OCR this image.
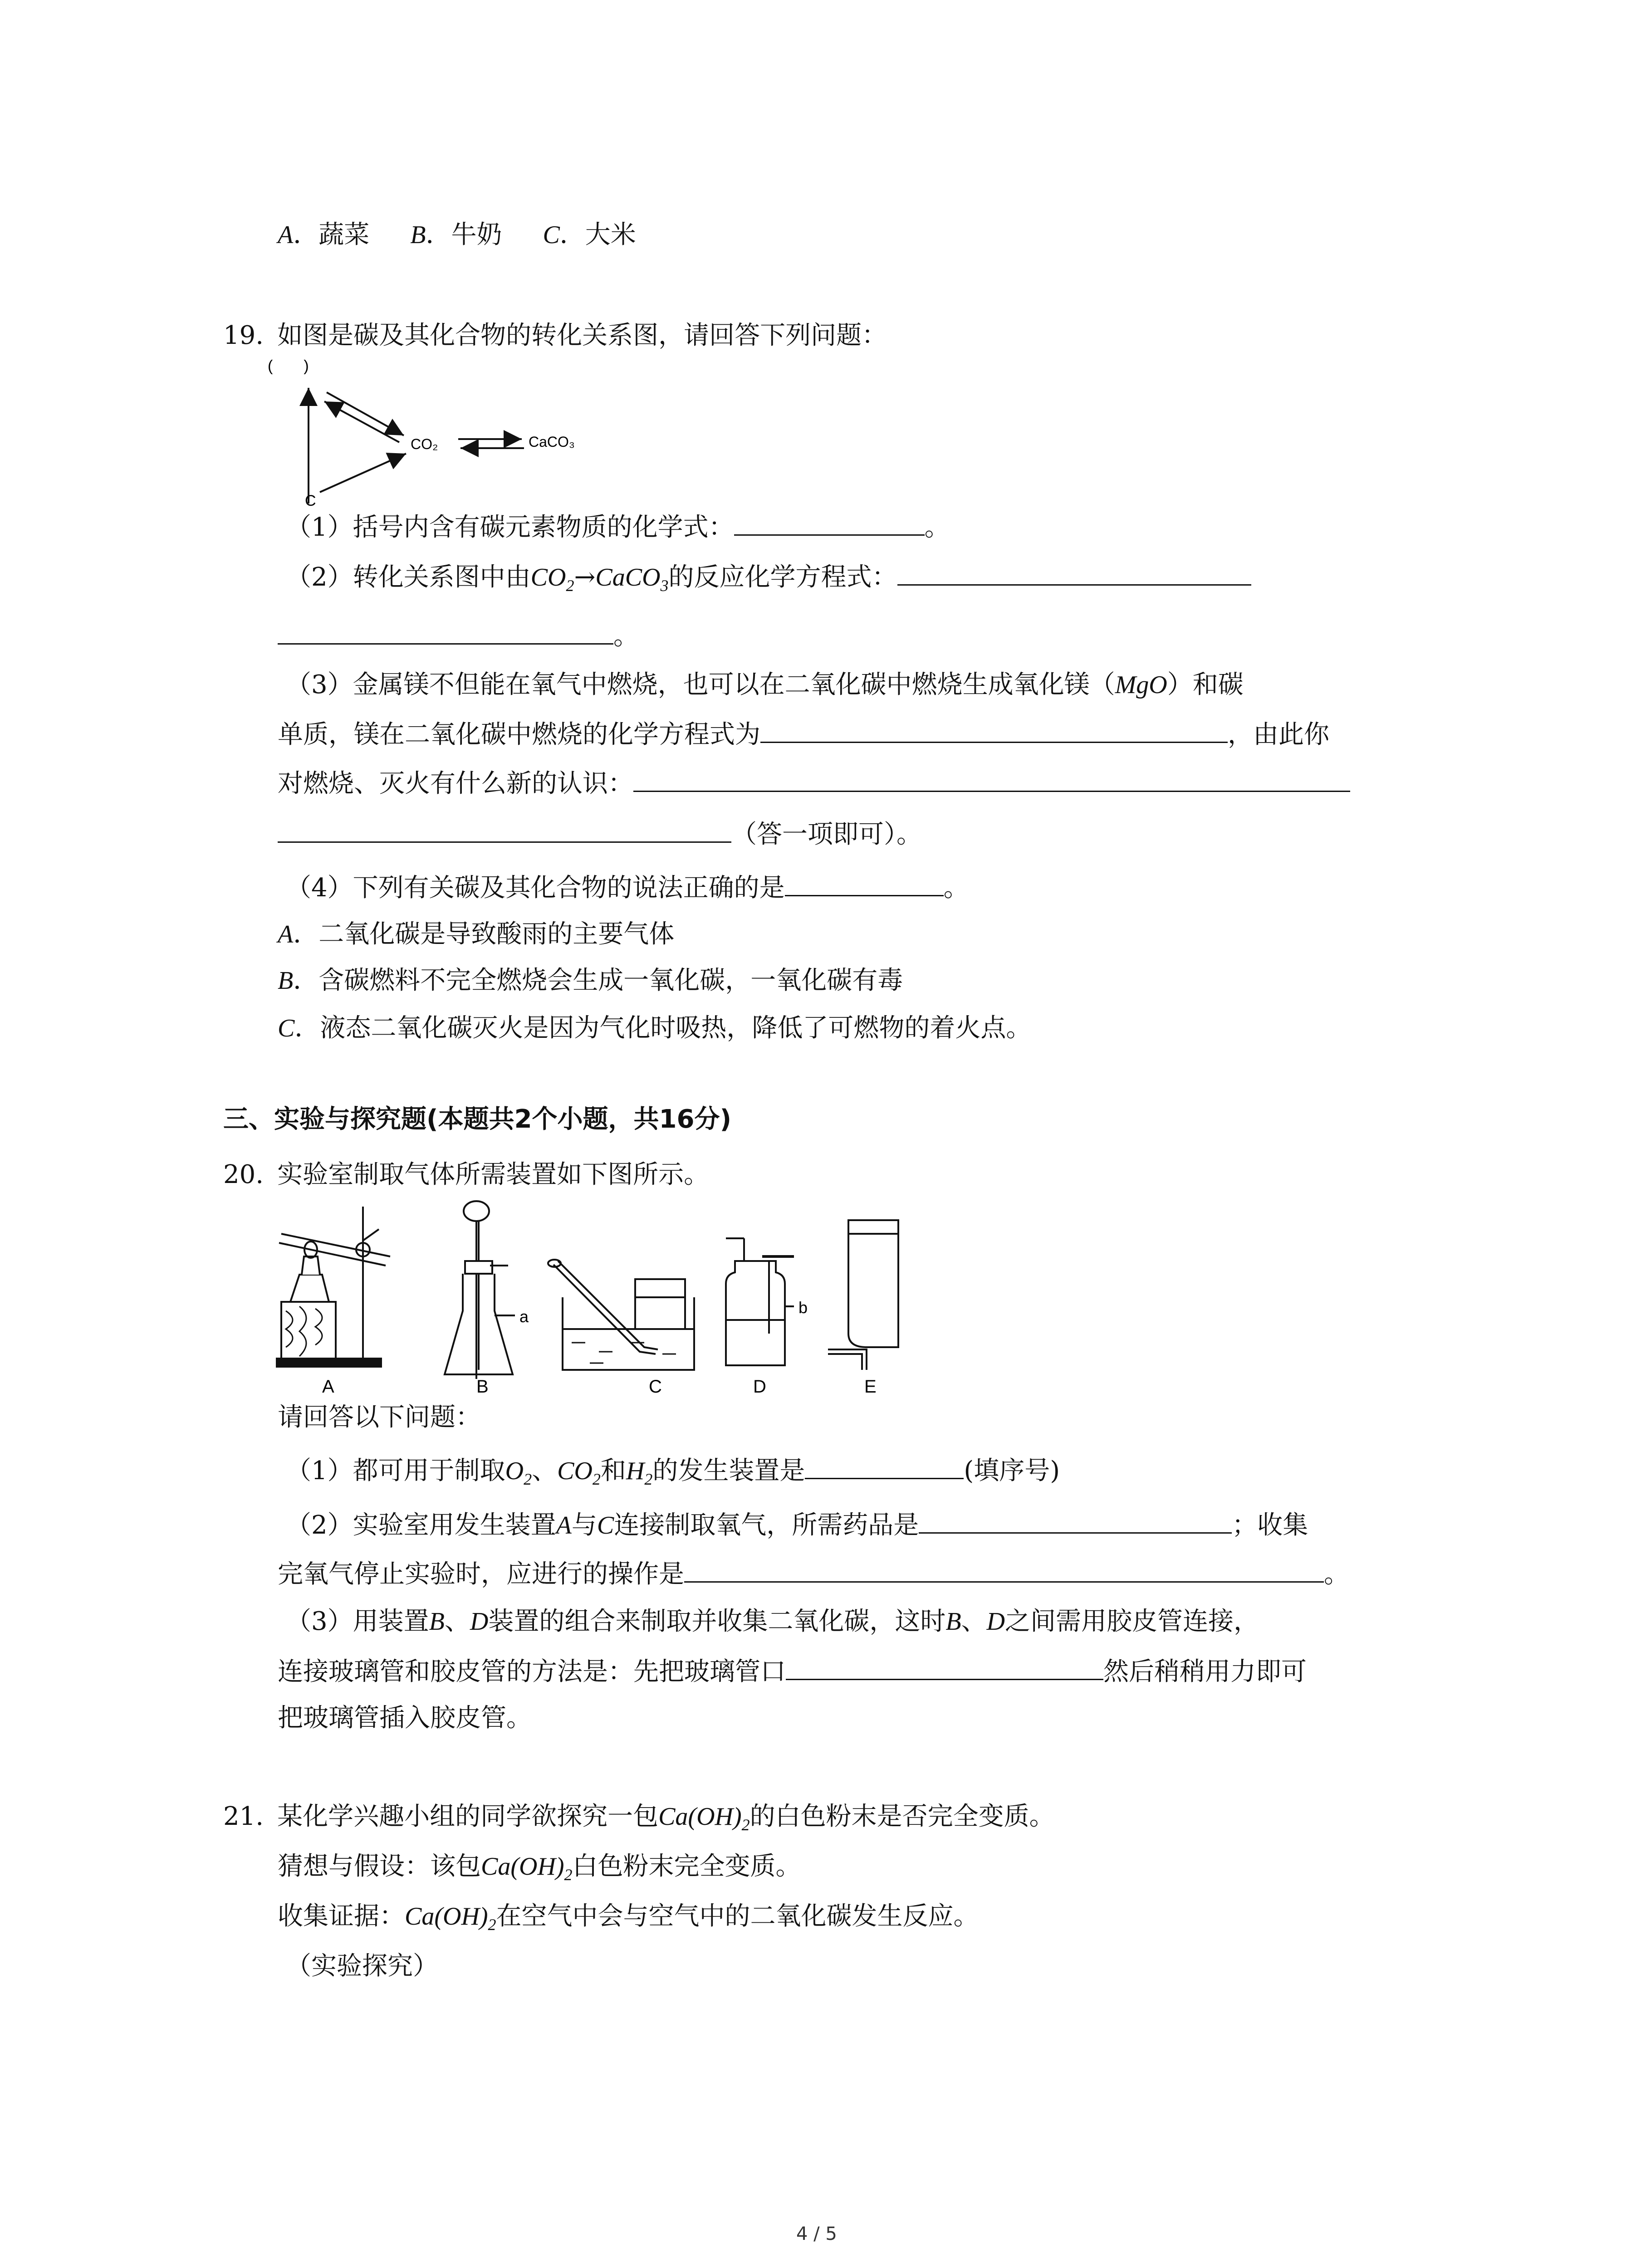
A．蔬菜 B．牛奶 C．大米
19. 如图是碳及其化合物的转化关系图，请回答下列问题：
(　　)
CO₂	CaCO₃
C
（1）括号内含有碳元素物质的化学式：	。
（2）转化关系图中由$CO_2\to CaCO_3$的反应化学方程式：
。
（3）金属镁不但能在氧气中燃烧，也可以在二氧化碳中燃烧生成氧化镁（MgO）和碳
单质，镁在二氧化碳中燃烧的化学方程式为	，由此你
对燃烧、灭火有什么新的认识：
（答一项即可）。
（4）下列有关碳及其化合物的说法正确的是	。
A．二氧化碳是导致酸雨的主要气体
B．含碳燃料不完全燃烧会生成一氧化碳，一氧化碳有毒
C．液态二氧化碳灭火是因为气化时吸热，降低了可燃物的着火点。
三、实验与探究题(本题共2个小题，共16分)
20. 实验室制取气体所需装置如下图所示。
A
a
B	C
b
D	E
请回答以下问题：
（1）都可用于制取$O_2$、$CO_2$和$H_2$的发生装置是	(填序号)
（2）实验室用发生装置A与C连接制取氧气，所需药品是	；收集
完氧气停止实验时，应进行的操作是	。
（3）用装置B、D装置的组合来制取并收集二氧化碳，这时B、D之间需用胶皮管连接，
连接玻璃管和胶皮管的方法是：先把玻璃管口	然后稍稍用力即可
把玻璃管插入胶皮管。
21. 某化学兴趣小组的同学欲探究一包$Ca(OH)_2$的白色粉末是否完全变质。
猜想与假设：该包$Ca(OH)_2$白色粉末完全变质。
收集证据：$Ca(OH)_2$在空气中会与空气中的二氧化碳发生反应。
（实验探究）
4 / 5
